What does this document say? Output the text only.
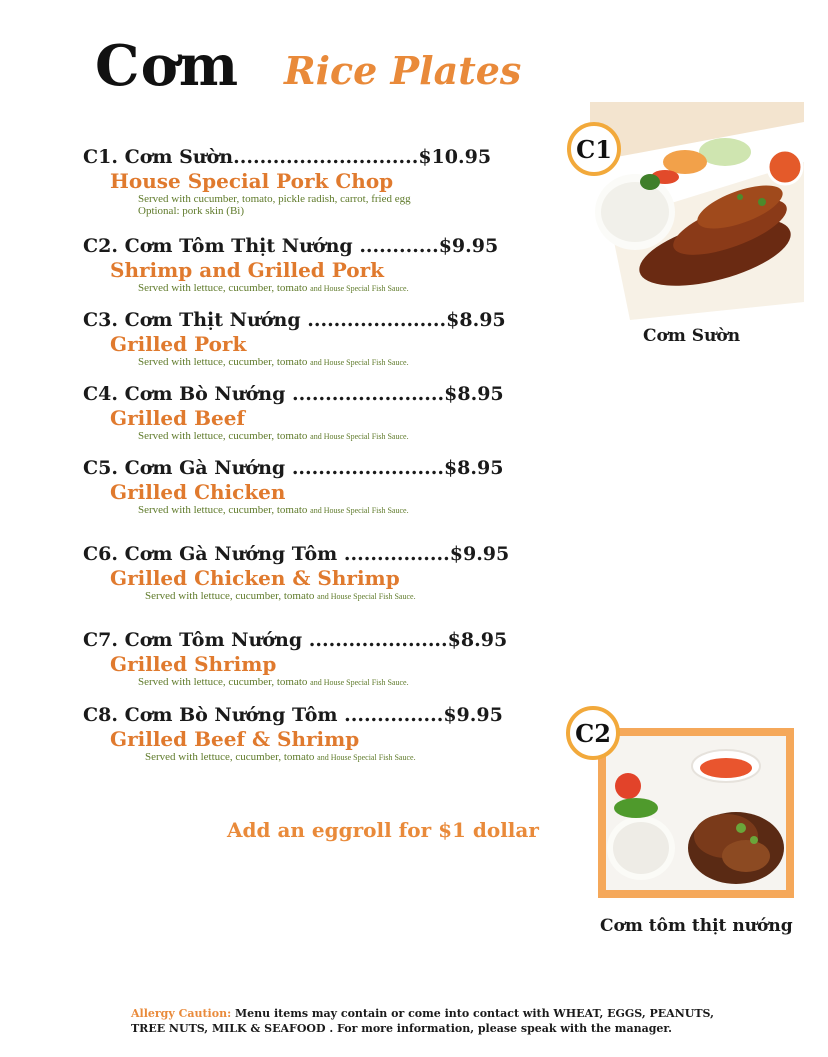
Cơm Rice Plates
C1. Cơm Sườn............................$10.95
House Special Pork Chop
Served with cucumber, tomato, pickle radish, carrot, fried egg
Optional: pork skin (Bì)
C2. Cơm Tôm Thịt Nướng ............$9.95
Shrimp and Grilled Pork
Served with lettuce, cucumber, tomato and House Special Fish Sauce.
C3. Cơm Thịt Nướng .....................$8.95
Grilled Pork
Served with lettuce, cucumber, tomato and House Special Fish Sauce.
C4. Cơm Bò Nướng .......................$8.95
Grilled Beef
Served with lettuce, cucumber, tomato and House Special Fish Sauce.
C5. Cơm Gà Nướng .......................$8.95
Grilled Chicken
Served with lettuce, cucumber, tomato and House Special Fish Sauce.
C6. Cơm Gà Nướng Tôm ................$9.95
Grilled Chicken & Shrimp
Served with lettuce, cucumber, tomato and House Special Fish Sauce.
C7. Cơm Tôm Nướng .....................$8.95
Grilled Shrimp
Served with lettuce, cucumber, tomato and House Special Fish Sauce.
C8. Cơm Bò Nướng Tôm ...............$9.95
Grilled Beef & Shrimp
Served with lettuce, cucumber, tomato and House Special Fish Sauce.
C1
Cơm Sườn
C2
Cơm tôm thịt nướng
Add an eggroll for $1 dollar
Allergy Caution: Menu items may contain or come into contact with WHEAT, EGGS, PEANUTS, TREE NUTS, MILK & SEAFOOD . For more information, please speak with the manager.
